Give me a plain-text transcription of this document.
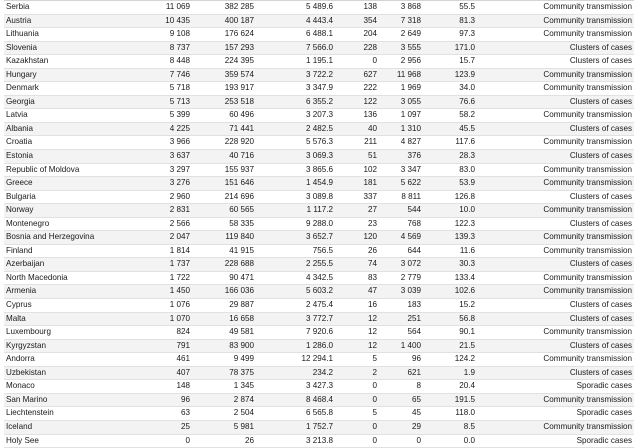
Serbia	11 069	382 285	5 489.6	138	3 868	55.5	Community transmission
Austria	10 435	400 187	4 443.4	354	7 318	81.3	Community transmission
Lithuania	9 108	176 624	6 488.1	204	2 649	97.3	Community transmission
Slovenia	8 737	157 293	7 566.0	228	3 555	171.0	Clusters of cases
Kazakhstan	8 448	224 395	1 195.1	0	2 956	15.7	Clusters of cases
Hungary	7 746	359 574	3 722.2	627	11 968	123.9	Community transmission
Denmark	5 718	193 917	3 347.9	222	1 969	34.0	Community transmission
Georgia	5 713	253 518	6 355.2	122	3 055	76.6	Clusters of cases
Latvia	5 399	60 496	3 207.3	136	1 097	58.2	Community transmission
Albania	4 225	71 441	2 482.5	40	1 310	45.5	Clusters of cases
Croatia	3 966	228 920	5 576.3	211	4 827	117.6	Community transmission
Estonia	3 637	40 716	3 069.3	51	376	28.3	Clusters of cases
Republic of Moldova	3 297	155 937	3 865.6	102	3 347	83.0	Community transmission
Greece	3 276	151 646	1 454.9	181	5 622	53.9	Community transmission
Bulgaria	2 960	214 696	3 089.8	337	8 811	126.8	Clusters of cases
Norway	2 831	60 565	1 117.2	27	544	10.0	Community transmission
Montenegro	2 566	58 335	9 288.0	23	768	122.3	Clusters of cases
Bosnia and Herzegovina	2 047	119 840	3 652.7	120	4 569	139.3	Community transmission
Finland	1 814	41 915	756.5	26	644	11.6	Community transmission
Azerbaijan	1 737	228 688	2 255.5	74	3 072	30.3	Clusters of cases
North Macedonia	1 722	90 471	4 342.5	83	2 779	133.4	Community transmission
Armenia	1 450	166 036	5 603.2	47	3 039	102.6	Community transmission
Cyprus	1 076	29 887	2 475.4	16	183	15.2	Clusters of cases
Malta	1 070	16 658	3 772.7	12	251	56.8	Clusters of cases
Luxembourg	824	49 581	7 920.6	12	564	90.1	Community transmission
Kyrgyzstan	791	83 900	1 286.0	12	1 400	21.5	Clusters of cases
Andorra	461	9 499	12 294.1	5	96	124.2	Community transmission
Uzbekistan	407	78 375	234.2	2	621	1.9	Clusters of cases
Monaco	148	1 345	3 427.3	0	8	20.4	Sporadic cases
San Marino	96	2 874	8 468.4	0	65	191.5	Community transmission
Liechtenstein	63	2 504	6 565.8	5	45	118.0	Sporadic cases
Iceland	25	5 981	1 752.7	0	29	8.5	Community transmission
Holy See	0	26	3 213.8	0	0	0.0	Sporadic cases
